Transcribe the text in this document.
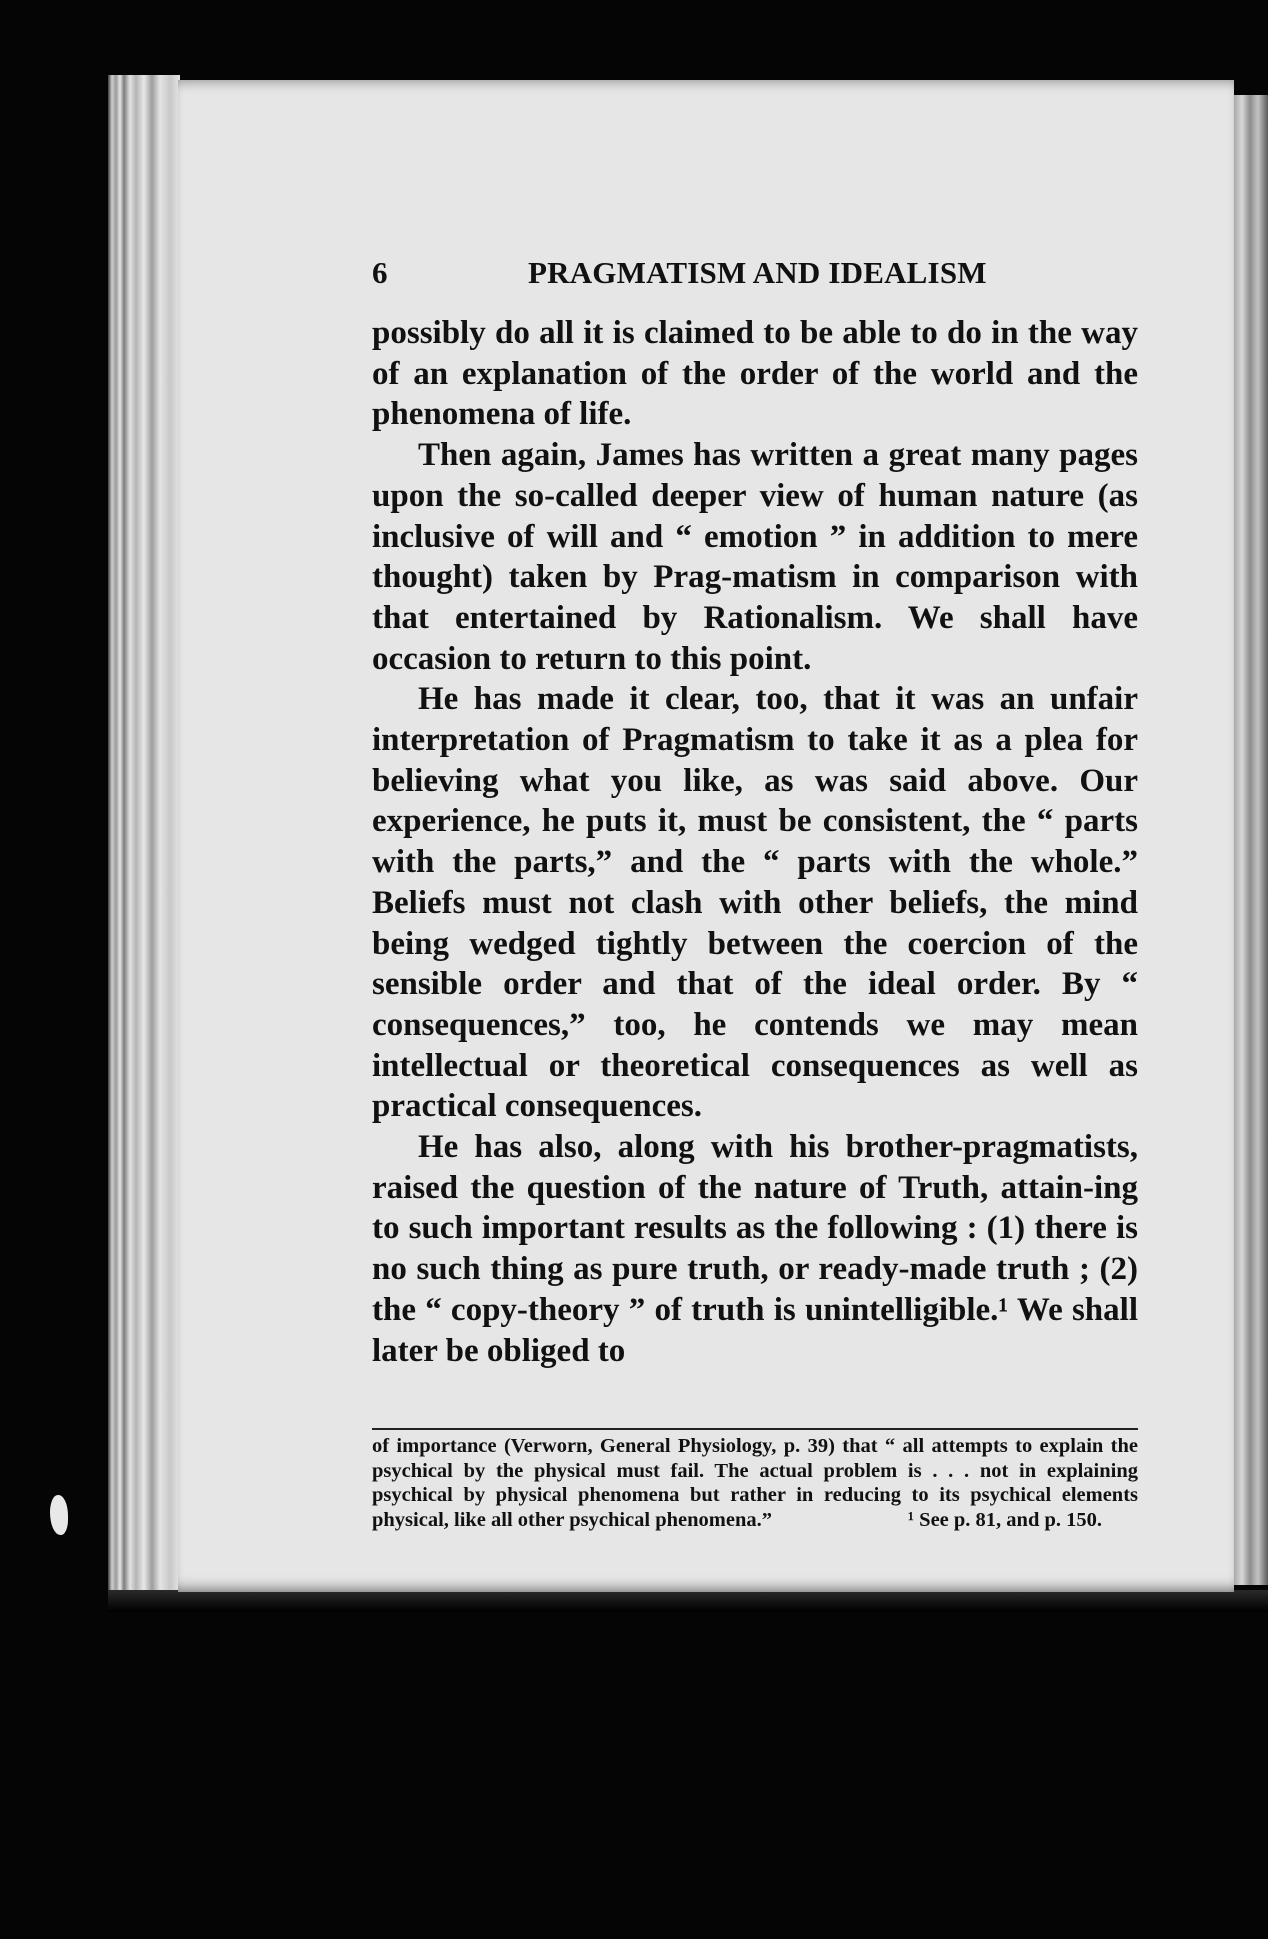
6	PRAGMATISM AND IDEALISM

possibly do all it is claimed to be able to do in the way of an explanation of the order of the world and the phenomena of life.

Then again, James has written a great many pages upon the so-called deeper view of human nature (as inclusive of will and “ emotion ” in addition to mere thought) taken by Prag-matism in comparison with that entertained by Rationalism. We shall have occasion to return to this point.

He has made it clear, too, that it was an unfair interpretation of Pragmatism to take it as a plea for believing what you like, as was said above. Our experience, he puts it, must be consistent, the “ parts with the parts,” and the “ parts with the whole.” Beliefs must not clash with other beliefs, the mind being wedged tightly between the coercion of the sensible order and that of the ideal order. By “ consequences,” too, he contends we may mean intellectual or theoretical consequences as well as practical consequences.

He has also, along with his brother-pragmatists, raised the question of the nature of Truth, attain-ing to such important results as the following : (1) there is no such thing as pure truth, or ready-made truth ; (2) the “ copy-theory ” of truth is unintelligible.¹ We shall later be obliged to

of importance (Verworn, General Physiology, p. 39) that “ all attempts to explain the psychical by the physical must fail. The actual problem is . . . not in explaining psychical by physical phenomena but rather in reducing to its psychical elements physical, like all other psychical phenomena.”	¹ See p. 81, and p. 150.
